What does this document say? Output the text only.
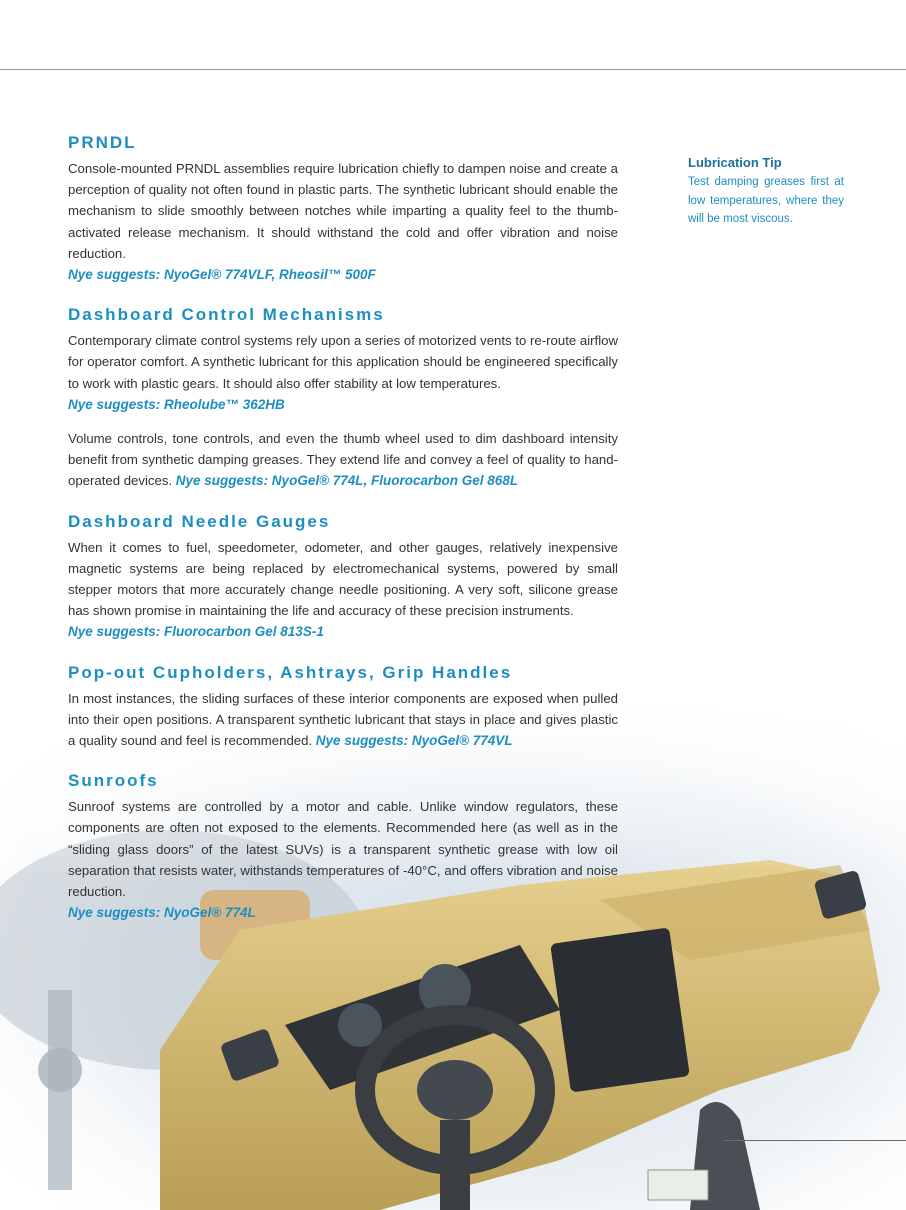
PRNDL

Console-mounted PRNDL assemblies require lubrication chiefly to dampen noise and create a perception of quality not often found in plastic parts. The synthetic lubricant should enable the mechanism to slide smoothly between notches while imparting a quality feel to the thumb-activated release mechanism. It should withstand the cold and offer vibration and noise reduction.
Nye suggests: NyoGel® 774VLF, Rheosil™ 500F

Dashboard Control Mechanisms

Contemporary climate control systems rely upon a series of motorized vents to re-route airflow for operator comfort. A synthetic lubricant for this application should be engineered specifically to work with plastic gears. It should also offer stability at low temperatures.
Nye suggests: Rheolube™ 362HB

Volume controls, tone controls, and even the thumb wheel used to dim dashboard intensity benefit from synthetic damping greases. They extend life and convey a feel of quality to hand-operated devices. Nye suggests: NyoGel® 774L, Fluorocarbon Gel 868L

Dashboard Needle Gauges

When it comes to fuel, speedometer, odometer, and other gauges, relatively inexpensive magnetic systems are being replaced by electromechanical systems, powered by small stepper motors that more accurately change needle positioning. A very soft, silicone grease has shown promise in maintaining the life and accuracy of these precision instruments.
Nye suggests: Fluorocarbon Gel 813S-1

Pop-out Cupholders, Ashtrays, Grip Handles

In most instances, the sliding surfaces of these interior components are exposed when pulled into their open positions. A transparent synthetic lubricant that stays in place and gives plastic a quality sound and feel is recommended. Nye suggests: NyoGel® 774VL

Sunroofs

Sunroof systems are controlled by a motor and cable. Unlike window regulators, these components are often not exposed to the elements. Recommended here (as well as in the “sliding glass doors” of the latest SUVs) is a transparent synthetic grease with low oil separation that resists water, withstands temperatures of -40°C, and offers vibration and noise reduction.
Nye suggests: NyoGel® 774L

Lubrication Tip
Test damping greases first at low temperatures, where they will be most viscous.
